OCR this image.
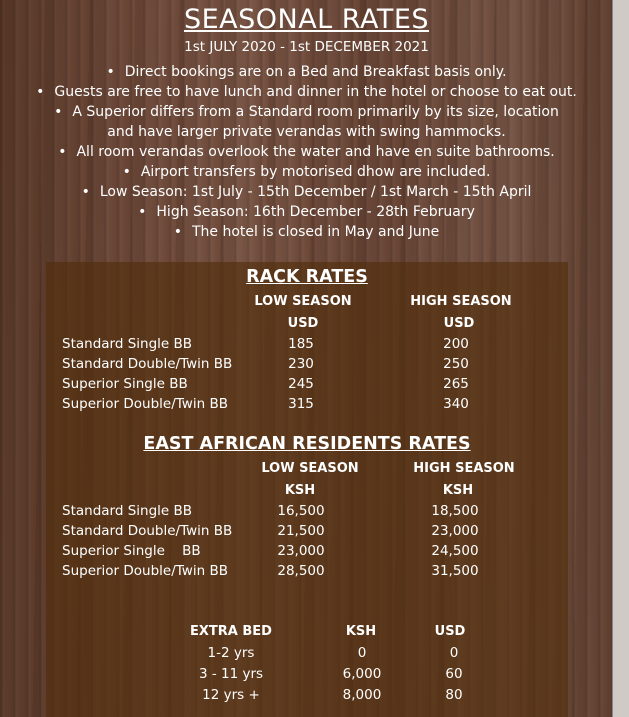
SEASONAL RATES
1st JULY 2020 - 1st DECEMBER 2021
• Direct bookings are on a Bed and Breakfast basis only.
• Guests are free to have lunch and dinner in the hotel or choose to eat out.
• A Superior differs from a Standard room primarily by its size, location and have larger private verandas with swing hammocks.
• All room verandas overlook the water and have en suite bathrooms.
• Airport transfers by motorised dhow are included.
• Low Season: 1st July - 15th December / 1st March - 15th April
• High Season: 16th December - 28th February
• The hotel is closed in May and June
RACK RATES
LOW SEASON	HIGH SEASON
USD	USD
Standard Single BB	185	200
Standard Double/Twin BB	230	250
Superior Single BB	245	265
Superior Double/Twin BB	315	340
EAST AFRICAN RESIDENTS RATES
LOW SEASON	HIGH SEASON
KSH	KSH
Standard Single BB	16,500	18,500
Standard Double/Twin BB	21,500	23,000
Superior Single    BB	23,000	24,500
Superior Double/Twin BB	28,500	31,500
EXTRA BED	KSH	USD
1-2 yrs	0	0
3 - 11 yrs	6,000	60
12 yrs +	8,000	80
